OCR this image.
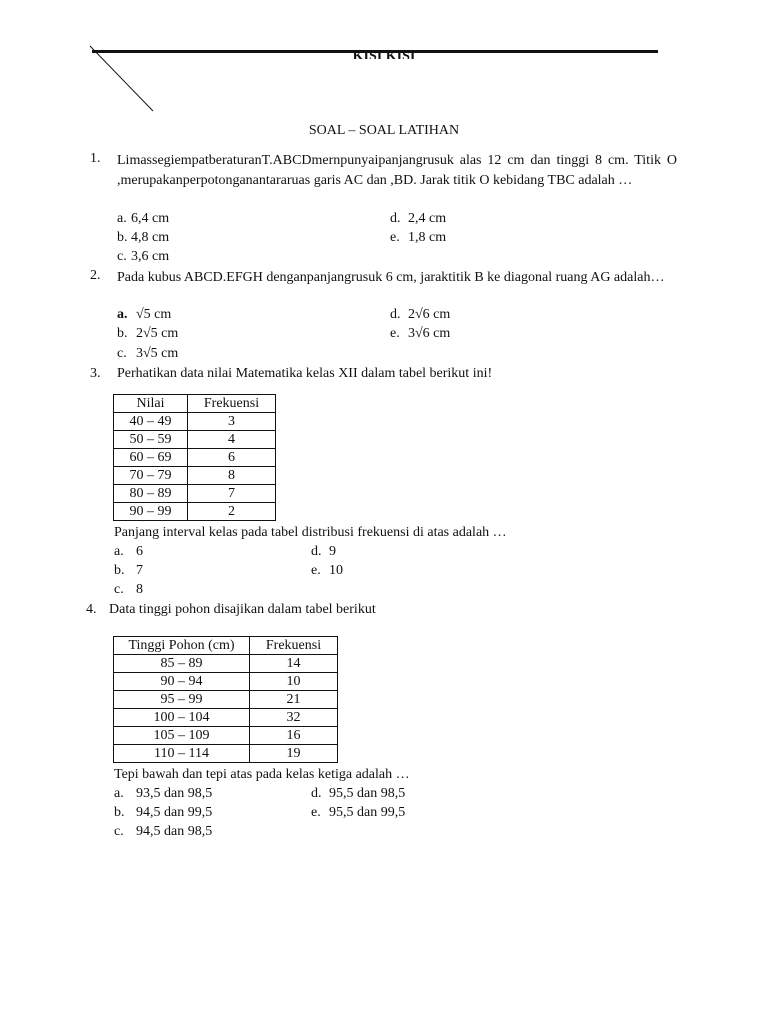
KISI KISI
SOAL – SOAL LATIHAN
1. LimassegiempatberaturanT.ABCDmernpunyaipanjangrusuk alas 12 cm dan tinggi 8 cm. Titik O ,merupakanperpotonganantararuas garis AC dan ,BD. Jarak titik O kebidang TBC adalah …
a. 6,4 cm
b. 4,8 cm
c. 3,6 cm
d. 2,4 cm
e. 1,8 cm
2. Pada kubus ABCD.EFGH denganpanjangrusuk 6 cm, jaraktitik B ke diagonal ruang AG adalah…
a. √5 cm
b. 2√5 cm
c. 3√5 cm
d. 2√6 cm
e. 3√6 cm
3. Perhatikan data nilai Matematika kelas XII dalam tabel berikut ini!
Nilai	Frekuensi
40 – 49	3
50 – 59	4
60 – 69	6
70 – 79	8
80 – 89	7
90 – 99	2
Panjang interval kelas pada tabel distribusi frekuensi di atas adalah …
a. 6
b. 7
c. 8
d. 9
e. 10
4. Data tinggi pohon disajikan dalam tabel berikut
Tinggi Pohon (cm)	Frekuensi
85 – 89	14
90 – 94	10
95 – 99	21
100 – 104	32
105 – 109	16
110 – 114	19
Tepi bawah dan tepi atas pada kelas ketiga adalah …
a. 93,5 dan 98,5
b. 94,5 dan 99,5
c. 94,5 dan 98,5
d. 95,5 dan 98,5
e. 95,5 dan 99,5
